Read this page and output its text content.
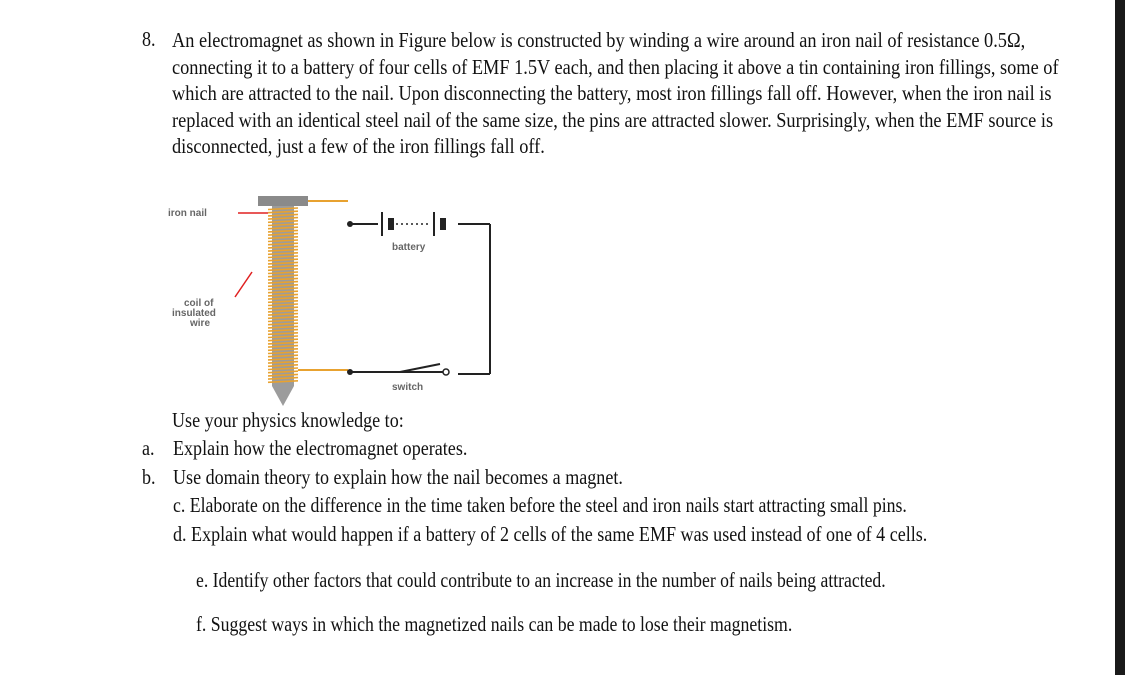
8. An electromagnet as shown in Figure below is constructed by winding a wire around an iron nail of resistance 0.5Ω, connecting it to a battery of four cells of EMF 1.5V each, and then placing it above a tin containing iron fillings, some of which are attracted to the nail. Upon disconnecting the battery, most iron fillings fall off. However, when the iron nail is replaced with an identical steel nail of the same size, the pins are attracted slower. Surprisingly, when the EMF source is disconnected, just a few of the iron fillings fall off.

iron nail
coil of
insulated
wire
battery
switch
Use your physics knowledge to:
a. Explain how the electromagnet operates.
b. Use domain theory to explain how the nail becomes a magnet.
c. Elaborate on the difference in the time taken before the steel and iron nails start attracting small pins.
d. Explain what would happen if a battery of 2 cells of the same EMF was used instead of one of 4 cells.
e. Identify other factors that could contribute to an increase in the number of nails being attracted.
f. Suggest ways in which the magnetized nails can be made to lose their magnetism.
